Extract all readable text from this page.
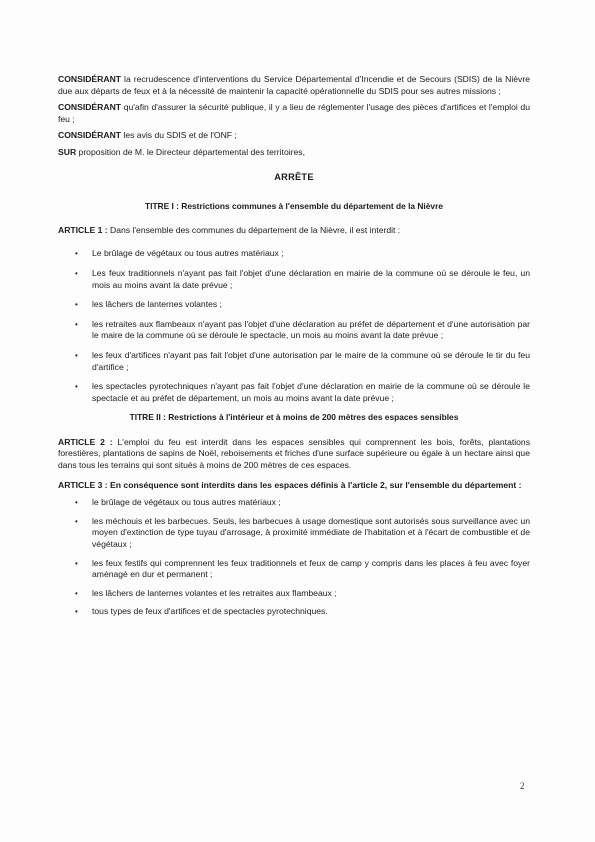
CONSIDÉRANT la recrudescence d'interventions du Service Départemental d'Incendie et de Secours (SDIS) de la Nièvre due aux départs de feux et à la nécessité de maintenir la capacité opérationnelle du SDIS pour ses autres missions ;

CONSIDÉRANT qu'afin d'assurer la sécurité publique, il y a lieu de réglementer l'usage des pièces d'artifices et l'emploi du feu ;

CONSIDÉRANT les avis du SDIS et de l'ONF ;

SUR proposition de M. le Directeur départemental des territoires,

ARRÊTE

TITRE I : Restrictions communes à l'ensemble du département de la Nièvre

ARTICLE 1 : Dans l'ensemble des communes du département de la Nièvre, il est interdit :

• Le brûlage de végétaux ou tous autres matériaux ;
• Les feux traditionnels n'ayant pas fait l'objet d'une déclaration en mairie de la commune où se déroule le feu, un mois au moins avant la date prévue ;
• les lâchers de lanternes volantes ;
• les retraites aux flambeaux n'ayant pas l'objet d'une déclaration au préfet de département et d'une autorisation par le maire de la commune où se déroule le spectacle, un mois au moins avant la date prévue ;
• les feux d'artifices n'ayant pas fait l'objet d'une autorisation par le maire de la commune où se déroule le tir du feu d'artifice ;
• les spectacles pyrotechniques n'ayant pas fait l'objet d'une déclaration en mairie de la commune où se déroule le spectacle et au préfet de département, un mois au moins avant la date prévue ;

TITRE II : Restrictions à l'intérieur et à moins de 200 mètres des espaces sensibles

ARTICLE 2 : L'emploi du feu est interdit dans les espaces sensibles qui comprennent les bois, forêts, plantations forestières, plantations de sapins de Noël, reboisements et friches d'une surface supérieure ou égale à un hectare ainsi que dans tous les terrains qui sont situés à moins de 200 mètres de ces espaces.

ARTICLE 3 : En conséquence sont interdits dans les espaces définis à l'article 2, sur l'ensemble du département :

• le brûlage de végétaux ou tous autres matériaux ;
• les méchouis et les barbecues. Seuls, les barbecues à usage domestique sont autorisés sous surveillance avec un moyen d'extinction de type tuyau d'arrosage, à proximité immédiate de l'habitation et à l'écart de combustible et de végétaux ;
• les feux festifs qui comprennent les feux traditionnels et feux de camp y compris dans les places à feu avec foyer aménagé en dur et permanent ;
• les lâchers de lanternes volantes et les retraites aux flambeaux ;
• tous types de feux d'artifices et de spectacles pyrotechniques.
2
